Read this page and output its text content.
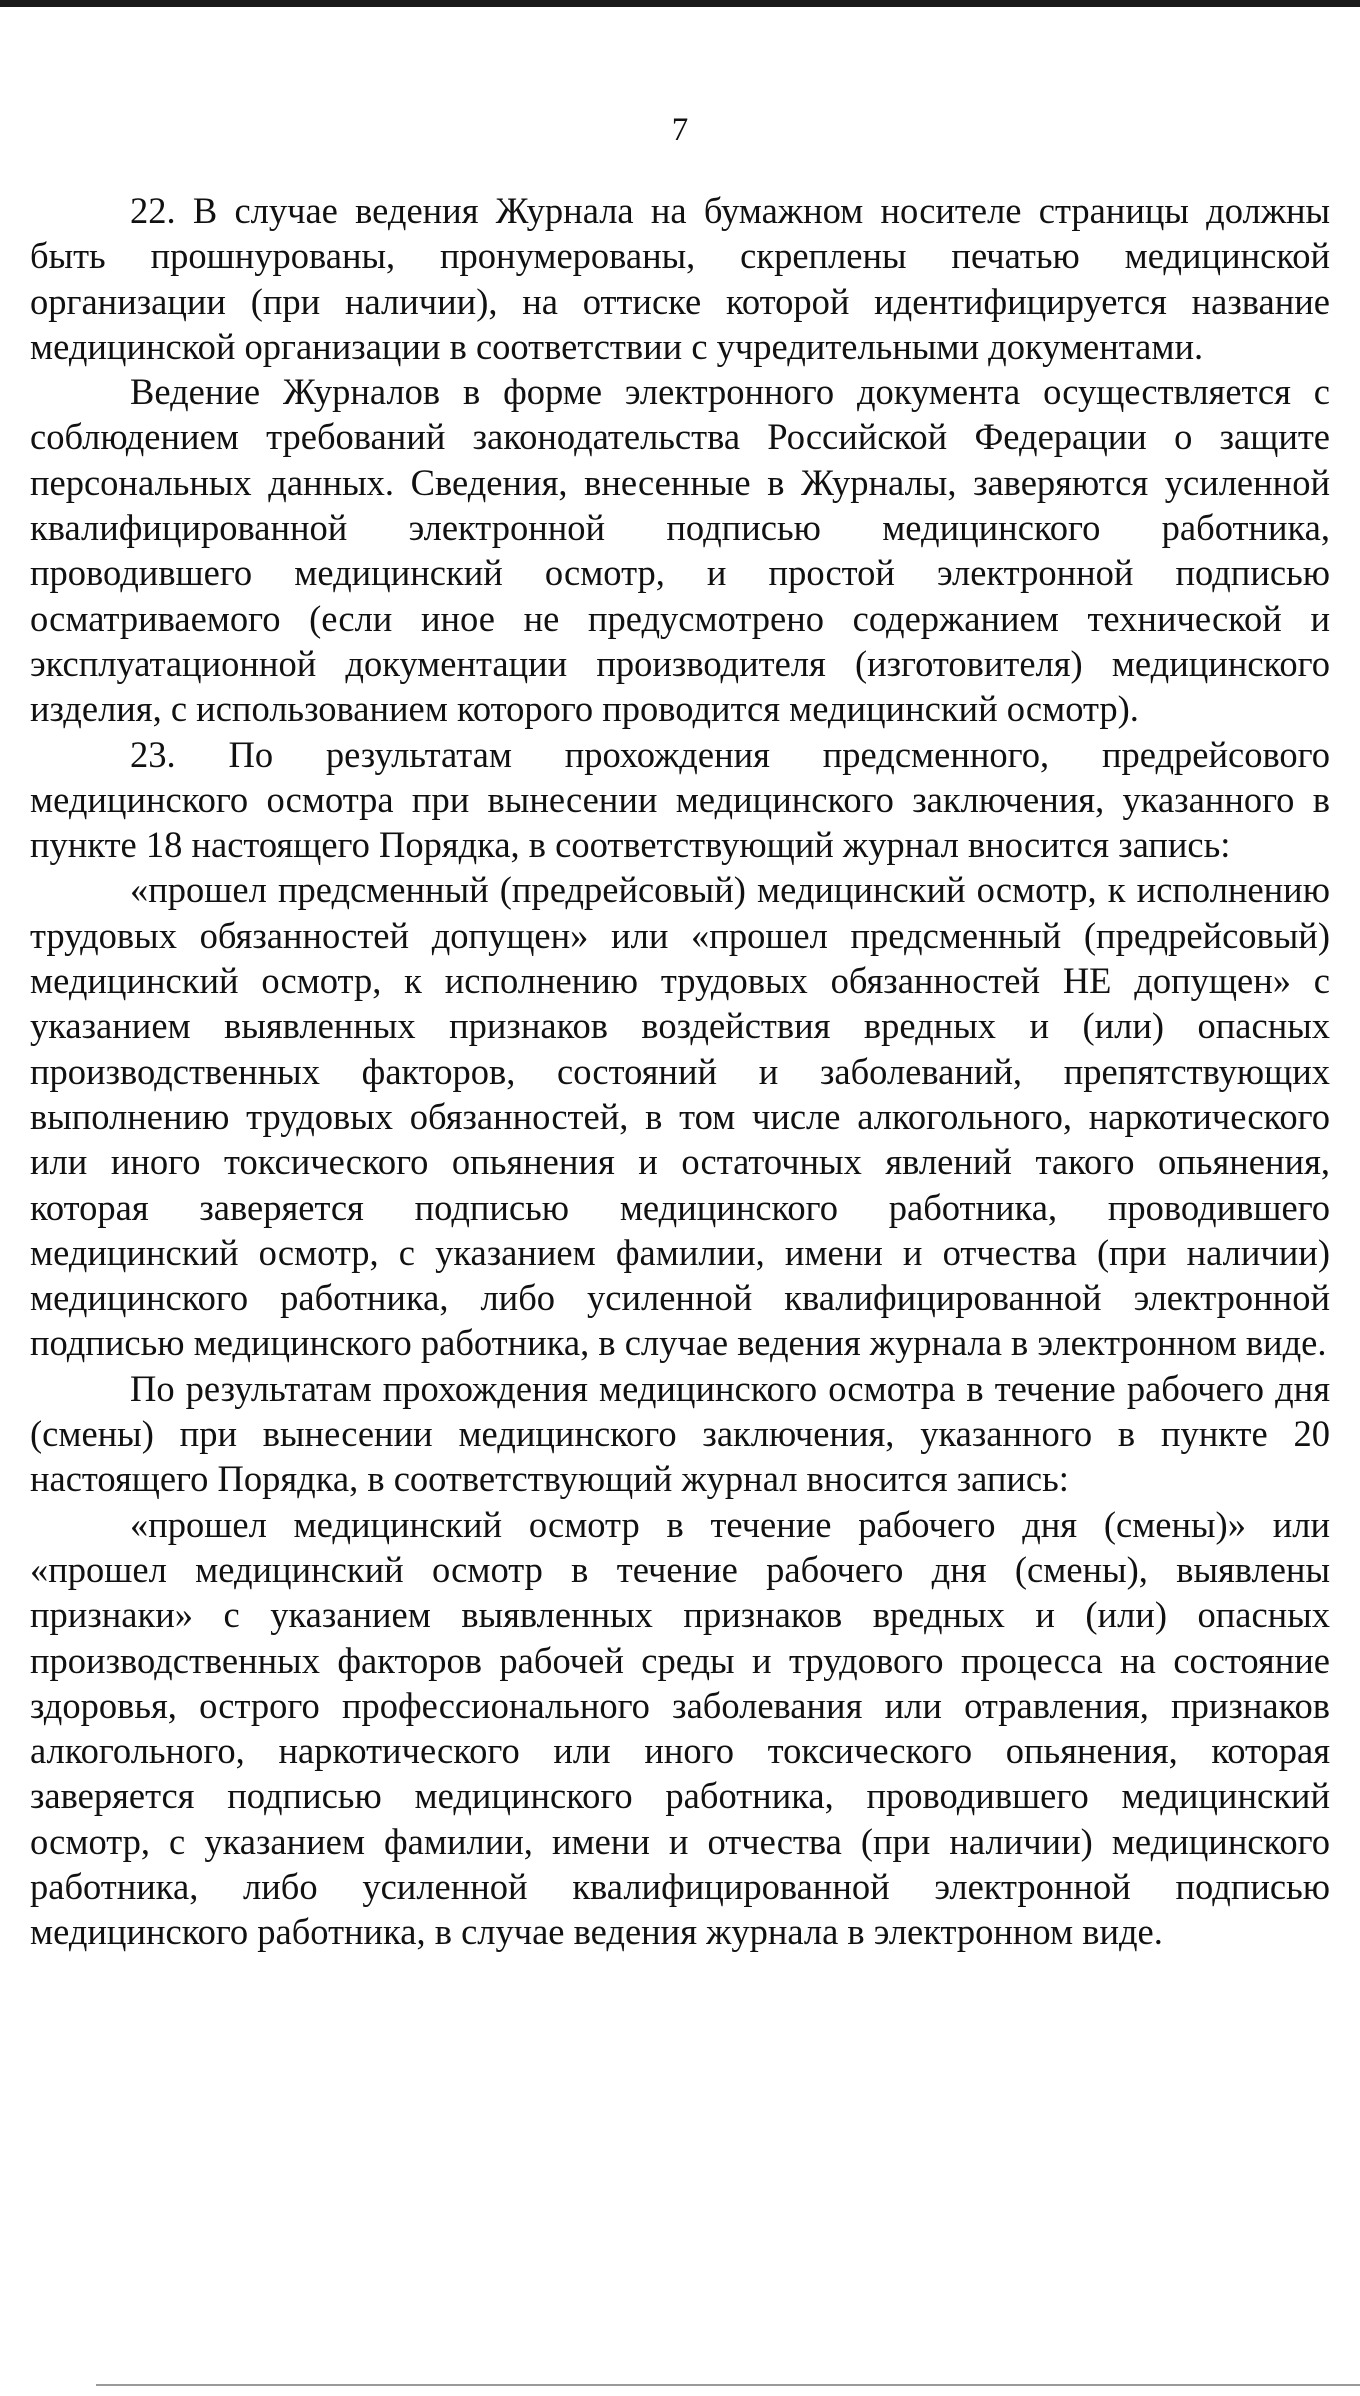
7

22. В случае ведения Журнала на бумажном носителе страницы должны быть прошнурованы, пронумерованы, скреплены печатью медицинской организации (при наличии), на оттиске которой идентифицируется название медицинской организации в соответствии с учредительными документами.

Ведение Журналов в форме электронного документа осуществляется с соблюдением требований законодательства Российской Федерации о защите персональных данных. Сведения, внесенные в Журналы, заверяются усиленной квалифицированной электронной подписью медицинского работника, проводившего медицинский осмотр, и простой электронной подписью осматриваемого (если иное не предусмотрено содержанием технической и эксплуатационной документации производителя (изготовителя) медицинского изделия, с использованием которого проводится медицинский осмотр).

23. По результатам прохождения предсменного, предрейсового медицинского осмотра при вынесении медицинского заключения, указанного в пункте 18 настоящего Порядка, в соответствующий журнал вносится запись:

«прошел предсменный (предрейсовый) медицинский осмотр, к исполнению трудовых обязанностей допущен» или «прошел предсменный (предрейсовый) медицинский осмотр, к исполнению трудовых обязанностей НЕ допущен» с указанием выявленных признаков воздействия вредных и (или) опасных производственных факторов, состояний и заболеваний, препятствующих выполнению трудовых обязанностей, в том числе алкогольного, наркотического или иного токсического опьянения и остаточных явлений такого опьянения, которая заверяется подписью медицинского работника, проводившего медицинский осмотр, с указанием фамилии, имени и отчества (при наличии) медицинского работника, либо усиленной квалифицированной электронной подписью медицинского работника, в случае ведения журнала в электронном виде.

По результатам прохождения медицинского осмотра в течение рабочего дня (смены) при вынесении медицинского заключения, указанного в пункте 20 настоящего Порядка, в соответствующий журнал вносится запись:

«прошел медицинский осмотр в течение рабочего дня (смены)» или «прошел медицинский осмотр в течение рабочего дня (смены), выявлены признаки» с указанием выявленных признаков вредных и (или) опасных производственных факторов рабочей среды и трудового процесса на состояние здоровья, острого профессионального заболевания или отравления, признаков алкогольного, наркотического или иного токсического опьянения, которая заверяется подписью медицинского работника, проводившего медицинский осмотр, с указанием фамилии, имени и отчества (при наличии) медицинского работника, либо усиленной квалифицированной электронной подписью медицинского работника, в случае ведения журнала в электронном виде.
